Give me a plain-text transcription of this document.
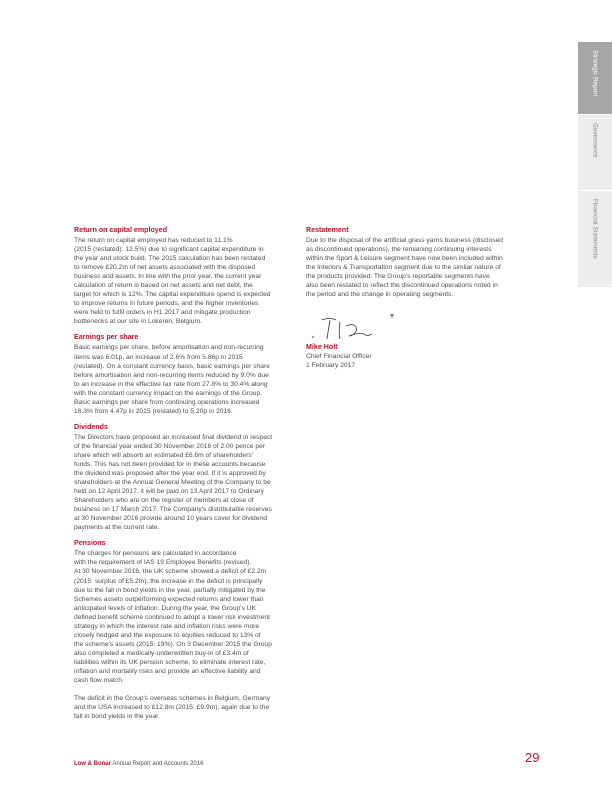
Strategic Report
Governance
Financial Statements
Return on capital employed

The return on capital employed has reduced to 11.1%
(2015 (restated): 12.5%) due to significant capital expenditure in
the year and stock build. The 2015 calculation has been restated
to remove £20.2m of net assets associated with the disposed
business and assets. In line with the prior year, the current year
calculation of return is based on net assets and net debt, the
target for which is 12%. The capital expenditure spend is expected
to improve returns in future periods, and the higher inventories
were held to fulfil orders in H1 2017 and mitigate production
bottlenecks at our site in Lokeren, Belgium.

Earnings per share

Basic earnings per share, before amortisation and non-recurring
items was 6.01p, an increase of 2.6% from 5.86p in 2015
(restated). On a constant currency basis, basic earnings per share
before amortisation and non-recurring items reduced by 9.0% due
to an increase in the effective tax rate from 27.8% to 30.4% along
with the constant currency impact on the earnings of the Group.
Basic earnings per share from continuing operations increased
16.3% from 4.47p in 2015 (restated) to 5.20p in 2016.

Dividends

The Directors have proposed an increased final dividend in respect
of the financial year ended 30 November 2016 of 2.00 pence per
share which will absorb an estimated £6.6m of shareholders'
funds. This has not been provided for in these accounts because
the dividend was proposed after the year end. If it is approved by
shareholders at the Annual General Meeting of the Company to be
held on 12 April 2017, it will be paid on 13 April 2017 to Ordinary
Shareholders who are on the register of members at close of
business on 17 March 2017. The Company's distributable reserves
at 30 November 2016 provide around 10 years cover for dividend
payments at the current rate.

Pensions

The charges for pensions are calculated in accordance
with the requirement of IAS 19 Employee Benefits (revised).
At 30 November 2016, the UK scheme showed a deficit of £2.2m
(2015: surplus of £5.2m), the increase in the deficit is principally
due to the fall in bond yields in the year, partially mitigated by the
Schemes assets outperforming expected returns and lower than
anticipated levels of inflation. During the year, the Group's UK
defined benefit scheme continued to adopt a lower risk investment
strategy in which the interest rate and inflation risks were more
closely hedged and the exposure to equities reduced to 13% of
the scheme's assets (2015: 19%). On 3 December 2015 the Group
also completed a medically-underwritten buy-in of £3.4m of
liabilities within its UK pension scheme, to eliminate interest rate,
inflation and mortality risks and provide an effective liability and
cash flow match.

The deficit in the Group's overseas schemes in Belgium, Germany
and the USA increased to £12.8m (2015: £9.9m), again due to the
fall in bond yields in the year.

Restatement

Due to the disposal of the artificial grass yarns business (disclosed
as discontinued operations), the remaining continuing interests
within the Sport & Leisure segment have now been included within
the Interiors & Transportation segment due to the similar nature of
the products provided. The Group's reportable segments have
also been restated to reflect the discontinued operations noted in
the period and the change in operating segments.

Mike Holt
Chief Financial Officer
1 February 2017
Low & Bonar Annual Report and Accounts 2016	29
